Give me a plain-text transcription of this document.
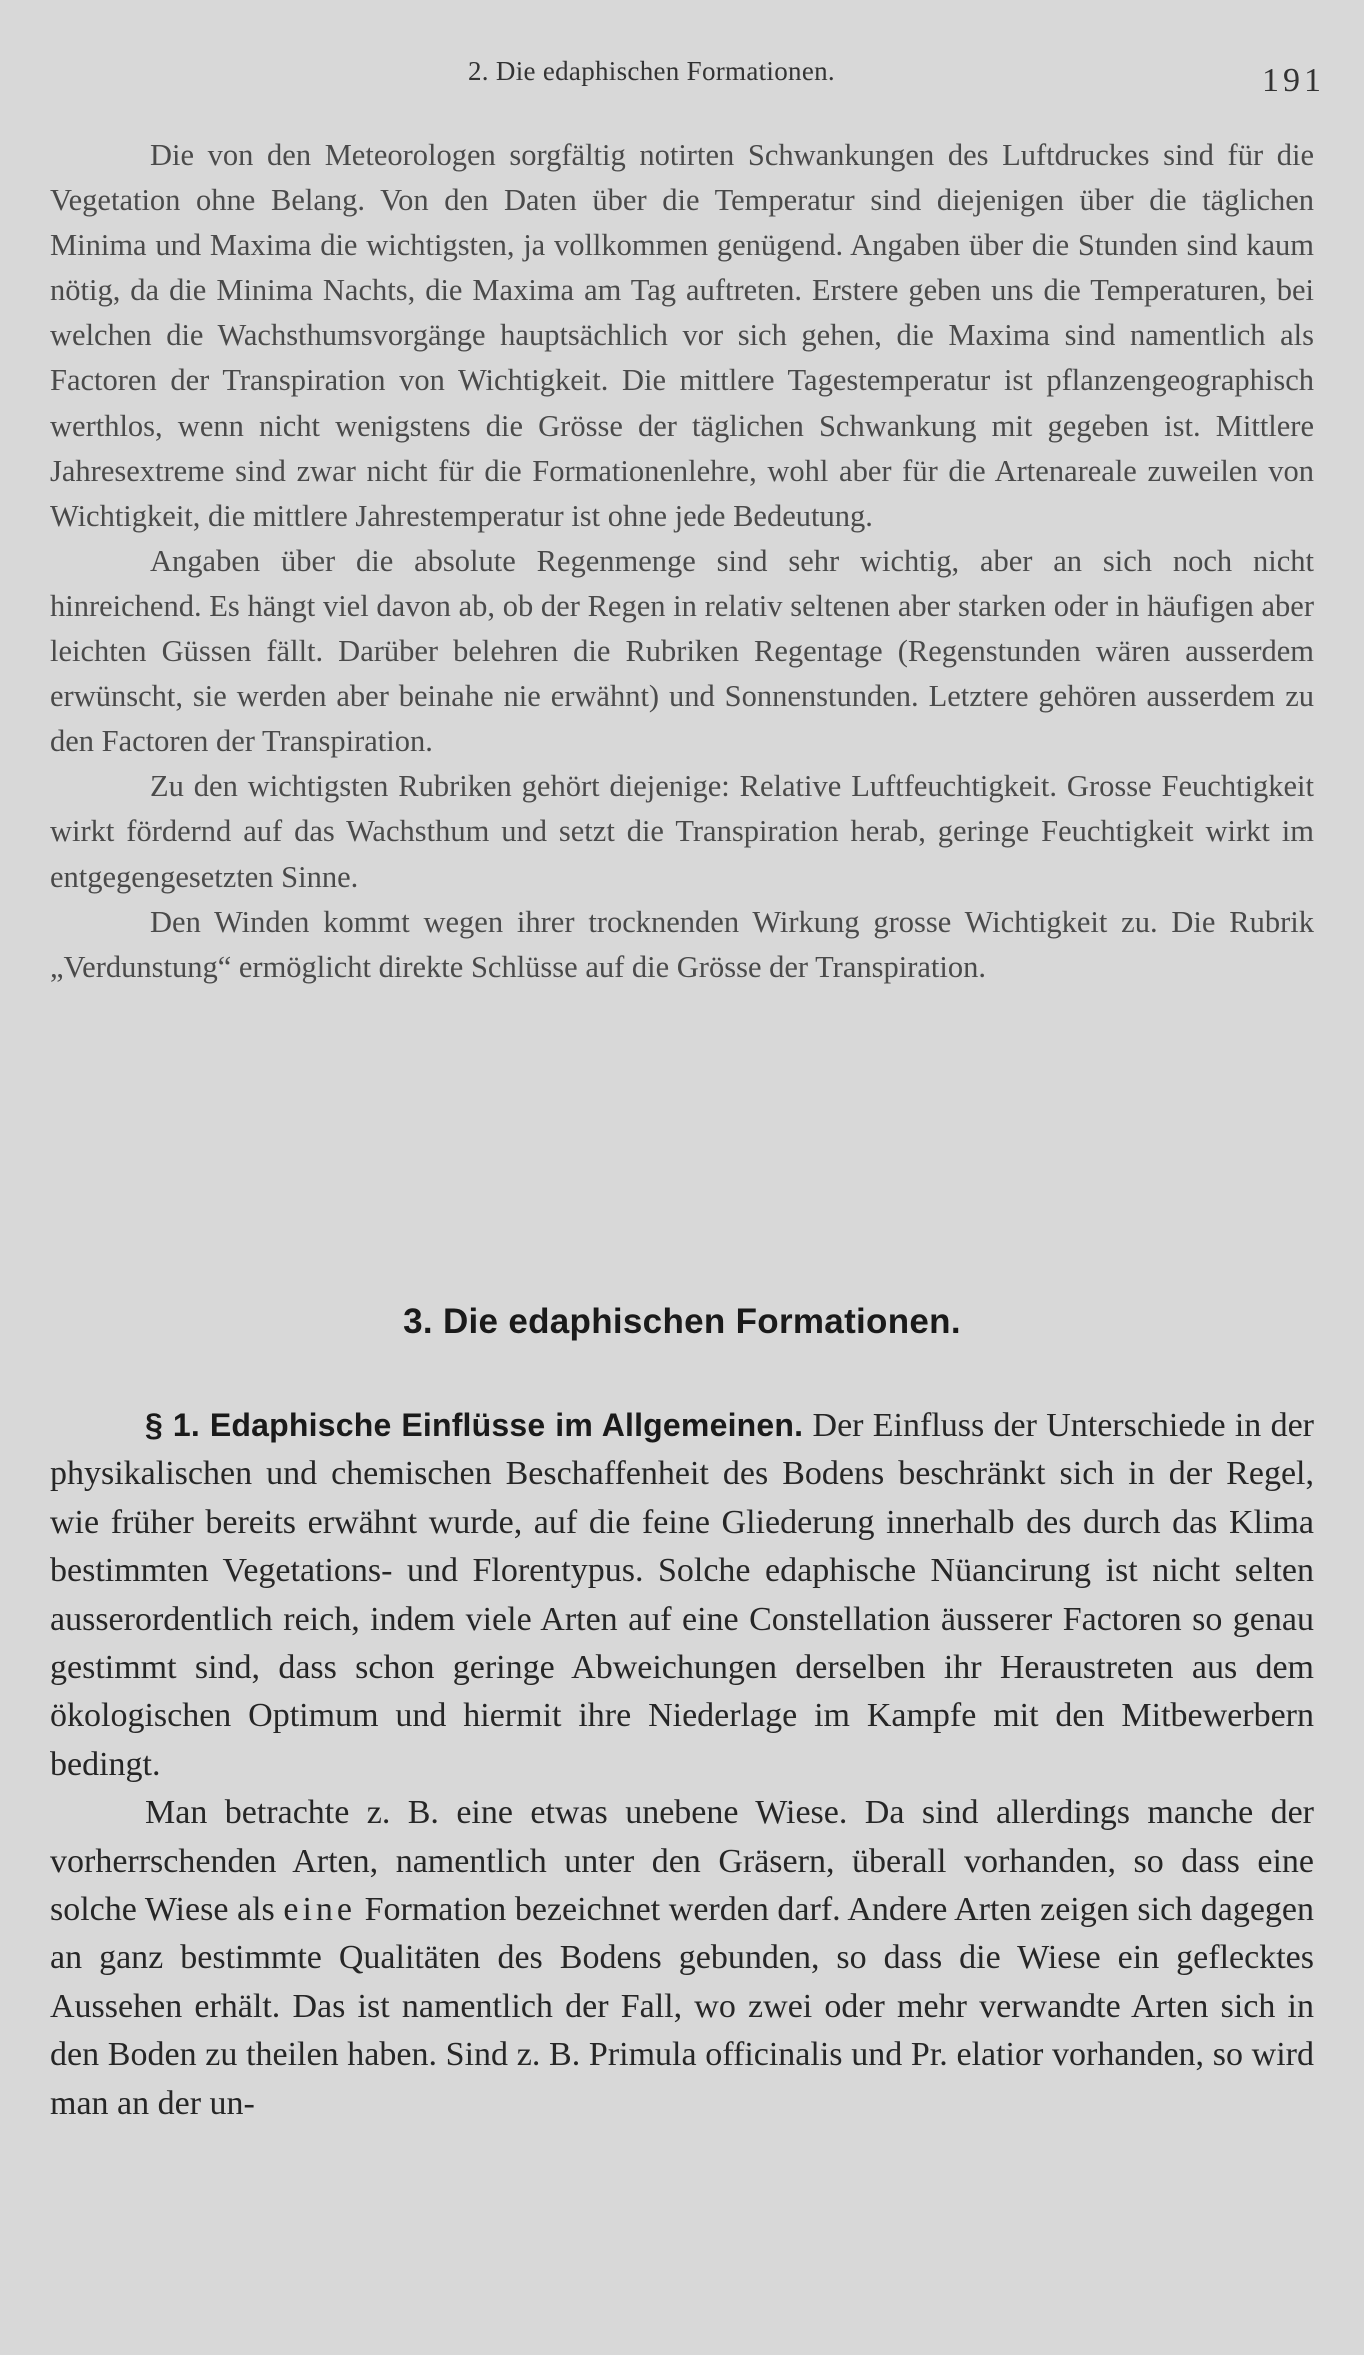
2. Die edaphischen Formationen.	191

Die von den Meteorologen sorgfältig notirten Schwankungen des Luftdruckes sind für die Vegetation ohne Belang. Von den Daten über die Temperatur sind diejenigen über die täglichen Minima und Maxima die wichtigsten, ja vollkommen genügend. Angaben über die Stunden sind kaum nötig, da die Minima Nachts, die Maxima am Tag auftreten. Erstere geben uns die Temperaturen, bei welchen die Wachsthumsvorgänge hauptsächlich vor sich gehen, die Maxima sind namentlich als Factoren der Transpiration von Wichtigkeit. Die mittlere Tagestemperatur ist pflanzengeographisch werthlos, wenn nicht wenigstens die Grösse der täglichen Schwankung mit gegeben ist. Mittlere Jahresextreme sind zwar nicht für die Formationenlehre, wohl aber für die Artenareale zuweilen von Wichtigkeit, die mittlere Jahrestemperatur ist ohne jede Bedeutung.

Angaben über die absolute Regenmenge sind sehr wichtig, aber an sich noch nicht hinreichend. Es hängt viel davon ab, ob der Regen in relativ seltenen aber starken oder in häufigen aber leichten Güssen fällt. Darüber belehren die Rubriken Regentage (Regenstunden wären ausserdem erwünscht, sie werden aber beinahe nie erwähnt) und Sonnenstunden. Letztere gehören ausserdem zu den Factoren der Transpiration.

Zu den wichtigsten Rubriken gehört diejenige: Relative Luftfeuchtigkeit. Grosse Feuchtigkeit wirkt fördernd auf das Wachsthum und setzt die Transpiration herab, geringe Feuchtigkeit wirkt im entgegengesetzten Sinne.

Den Winden kommt wegen ihrer trocknenden Wirkung grosse Wichtigkeit zu. Die Rubrik „Verdunstung“ ermöglicht direkte Schlüsse auf die Grösse der Transpiration.

3. Die edaphischen Formationen.

§ 1. Edaphische Einflüsse im Allgemeinen. Der Einfluss der Unterschiede in der physikalischen und chemischen Beschaffenheit des Bodens beschränkt sich in der Regel, wie früher bereits erwähnt wurde, auf die feine Gliederung innerhalb des durch das Klima bestimmten Vegetations- und Florentypus. Solche edaphische Nüancirung ist nicht selten ausserordentlich reich, indem viele Arten auf eine Constellation äusserer Factoren so genau gestimmt sind, dass schon geringe Abweichungen derselben ihr Heraustreten aus dem ökologischen Optimum und hiermit ihre Niederlage im Kampfe mit den Mitbewerbern bedingt.

Man betrachte z. B. eine etwas unebene Wiese. Da sind allerdings manche der vorherrschenden Arten, namentlich unter den Gräsern, überall vorhanden, so dass eine solche Wiese als eine Formation bezeichnet werden darf. Andere Arten zeigen sich dagegen an ganz bestimmte Qualitäten des Bodens gebunden, so dass die Wiese ein geflecktes Aussehen erhält. Das ist namentlich der Fall, wo zwei oder mehr verwandte Arten sich in den Boden zu theilen haben. Sind z. B. Primula officinalis und Pr. elatior vorhanden, so wird man an der un-
